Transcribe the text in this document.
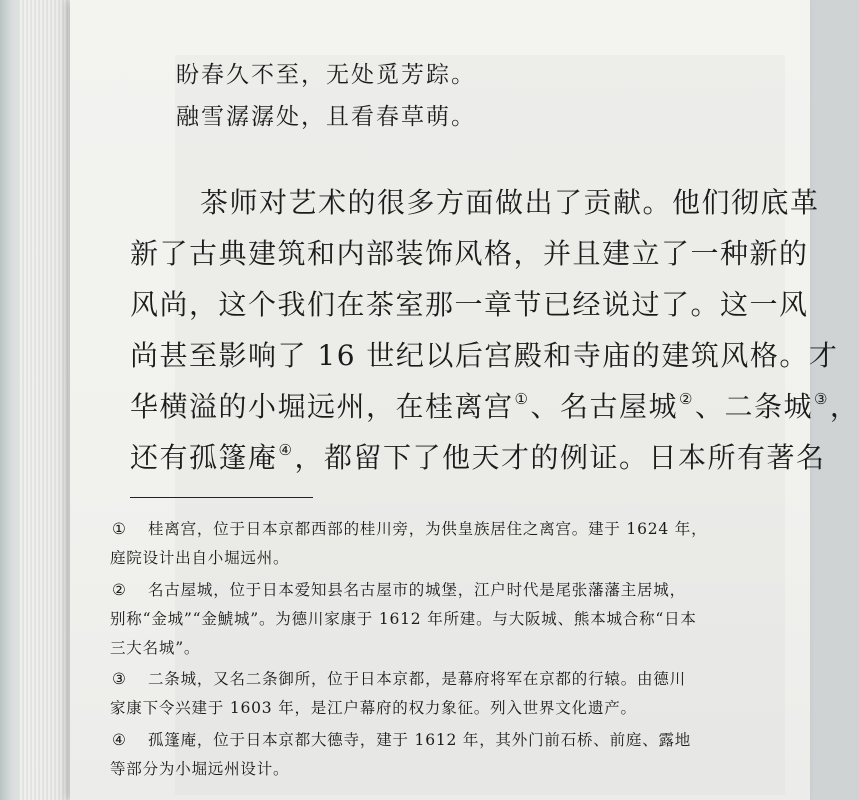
盼春久不至，无处觅芳踪。
融雪潺潺处，且看春草萌。
茶师对艺术的很多方面做出了贡献。他们彻底革
新了古典建筑和内部装饰风格，并且建立了一种新的
风尚，这个我们在茶室那一章节已经说过了。这一风
尚甚至影响了 16 世纪以后宫殿和寺庙的建筑风格。才
华横溢的小堀远州，在桂离宫①、名古屋城②、二条城③，
还有孤篷庵④，都留下了他天才的例证。日本所有著名
① 桂离宫，位于日本京都西部的桂川旁，为供皇族居住之离宫。建于 1624 年，
庭院设计出自小堀远州。
② 名古屋城，位于日本爱知县名古屋市的城堡，江户时代是尾张藩藩主居城，
别称“金城”“金鯱城”。为德川家康于 1612 年所建。与大阪城、熊本城合称“日本
三大名城”。
③ 二条城，又名二条御所，位于日本京都，是幕府将军在京都的行辕。由德川
家康下令兴建于 1603 年，是江户幕府的权力象征。列入世界文化遗产。
④ 孤篷庵，位于日本京都大德寺，建于 1612 年，其外门前石桥、前庭、露地
等部分为小堀远州设计。
